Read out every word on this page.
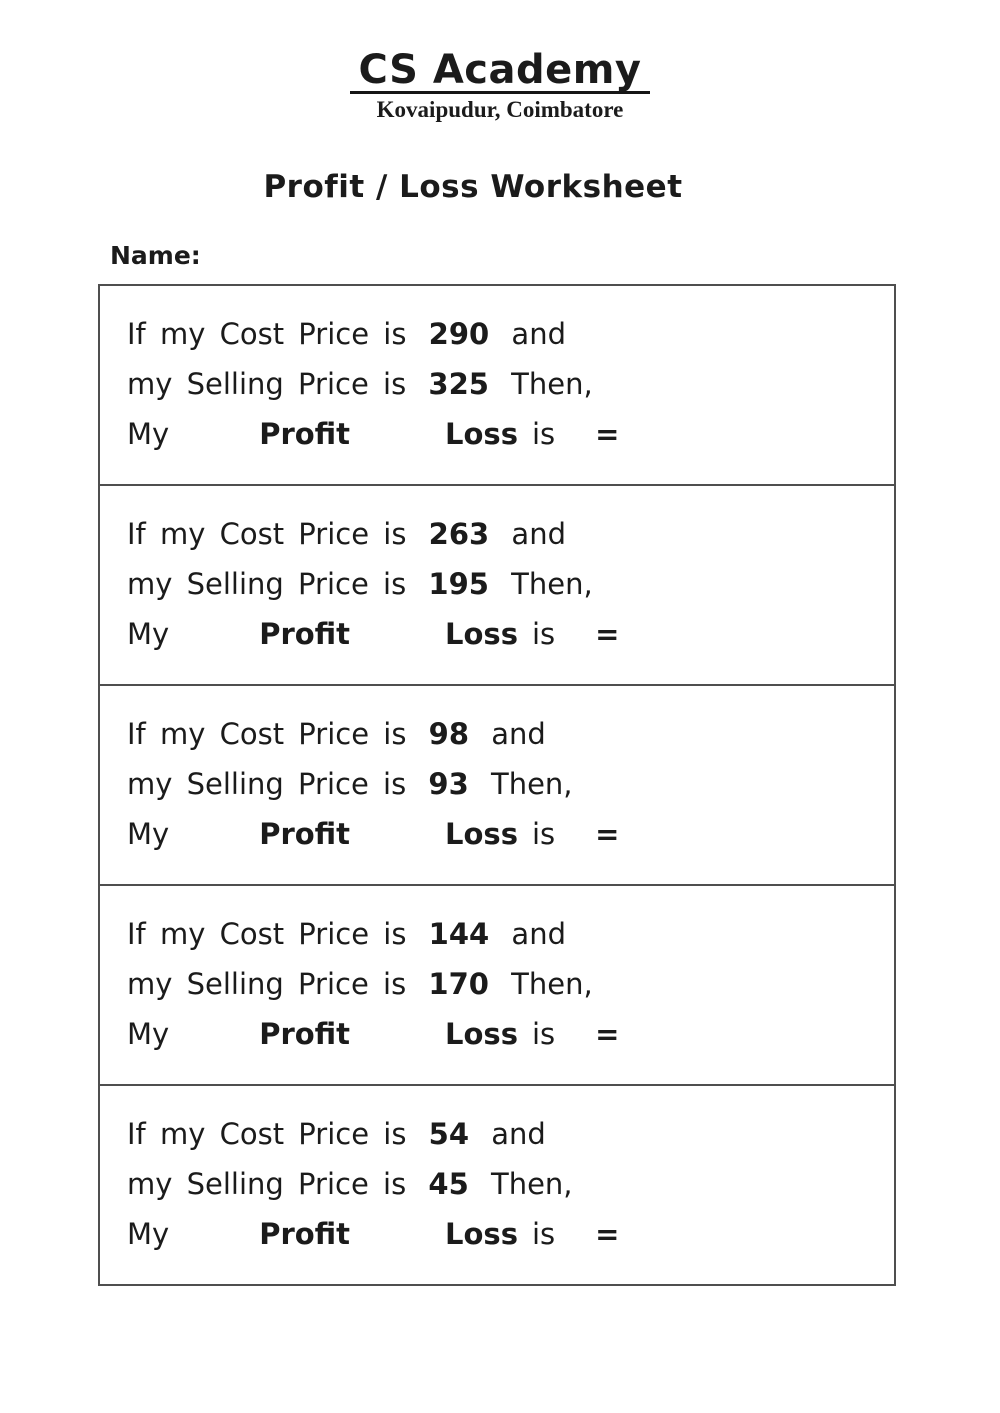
CS Academy
Kovaipudur, Coimbatore
Profit / Loss Worksheet
Name:

If my Cost Price is 290 and

my Selling Price is 325 Then,

My	Profit	Loss is =

If my Cost Price is 263 and

my Selling Price is 195 Then,

My	Profit	Loss is =

If my Cost Price is 98 and

my Selling Price is 93 Then,

My	Profit	Loss is =

If my Cost Price is 144 and

my Selling Price is 170 Then,

My	Profit	Loss is =

If my Cost Price is 54 and

my Selling Price is 45 Then,

My	Profit	Loss is =
